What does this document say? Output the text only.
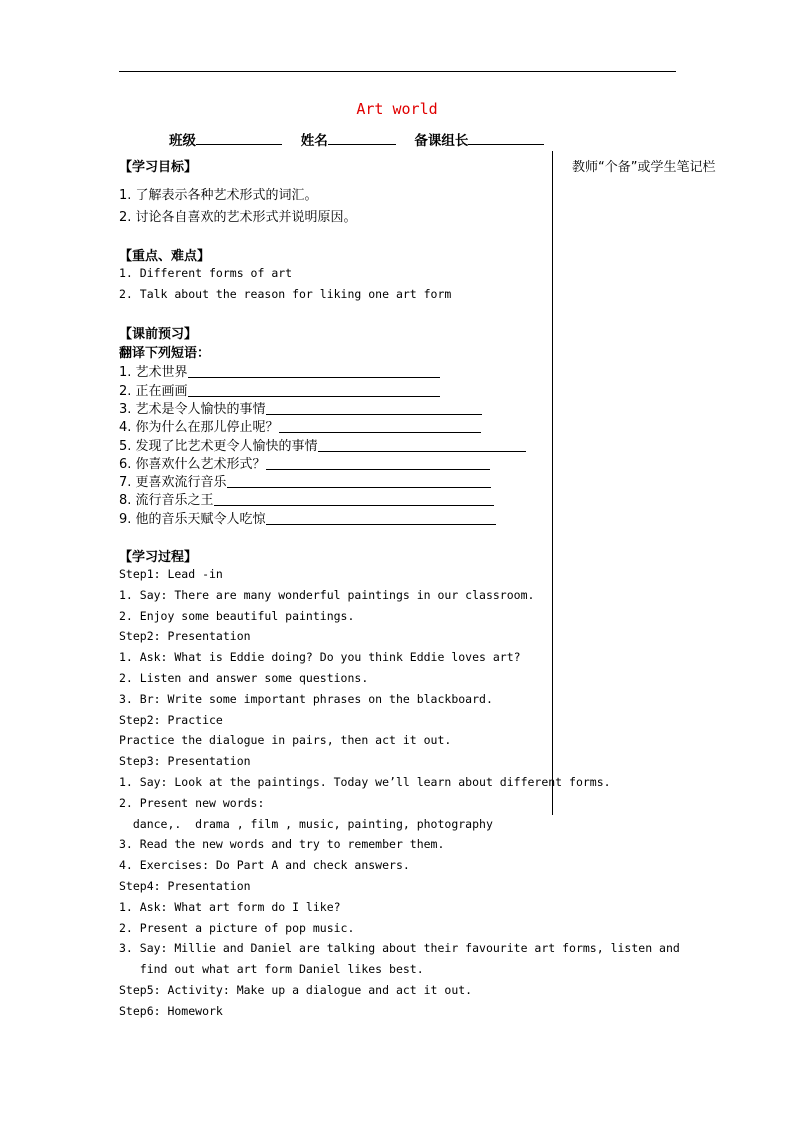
Art world
班级	姓名	备课组长
教师“个备”或学生笔记栏
【学习目标】
1. 了解表示各种艺术形式的词汇。
2. 讨论各自喜欢的艺术形式并说明原因。
【重点、难点】
1. Different forms of art
2. Talk about the reason for liking one art form
【课前预习】
翻译下列短语：
1. 艺术世界
2. 正在画画
3. 艺术是令人愉快的事情
4. 你为什么在那儿停止呢？
5. 发现了比艺术更令人愉快的事情
6. 你喜欢什么艺术形式？
7. 更喜欢流行音乐
8. 流行音乐之王
9. 他的音乐天赋令人吃惊
【学习过程】
Step1: Lead -in
1. Say: There are many wonderful paintings in our classroom.
2. Enjoy some beautiful paintings.
Step2: Presentation
1. Ask: What is Eddie doing? Do you think Eddie loves art?
2. Listen and answer some questions.
3. Br: Write some important phrases on the blackboard.
Step2: Practice
Practice the dialogue in pairs, then act it out.
Step3: Presentation
1. Say: Look at the paintings. Today we’ll learn about different forms.
2. Present new words:
dance,.  drama , film , music, painting, photography
3. Read the new words and try to remember them.
4. Exercises: Do Part A and check answers.
Step4: Presentation
1. Ask: What art form do I like?
2. Present a picture of pop music.
3. Say: Millie and Daniel are talking about their favourite art forms, listen and
find out what art form Daniel likes best.
Step5: Activity: Make up a dialogue and act it out.
Step6: Homework
